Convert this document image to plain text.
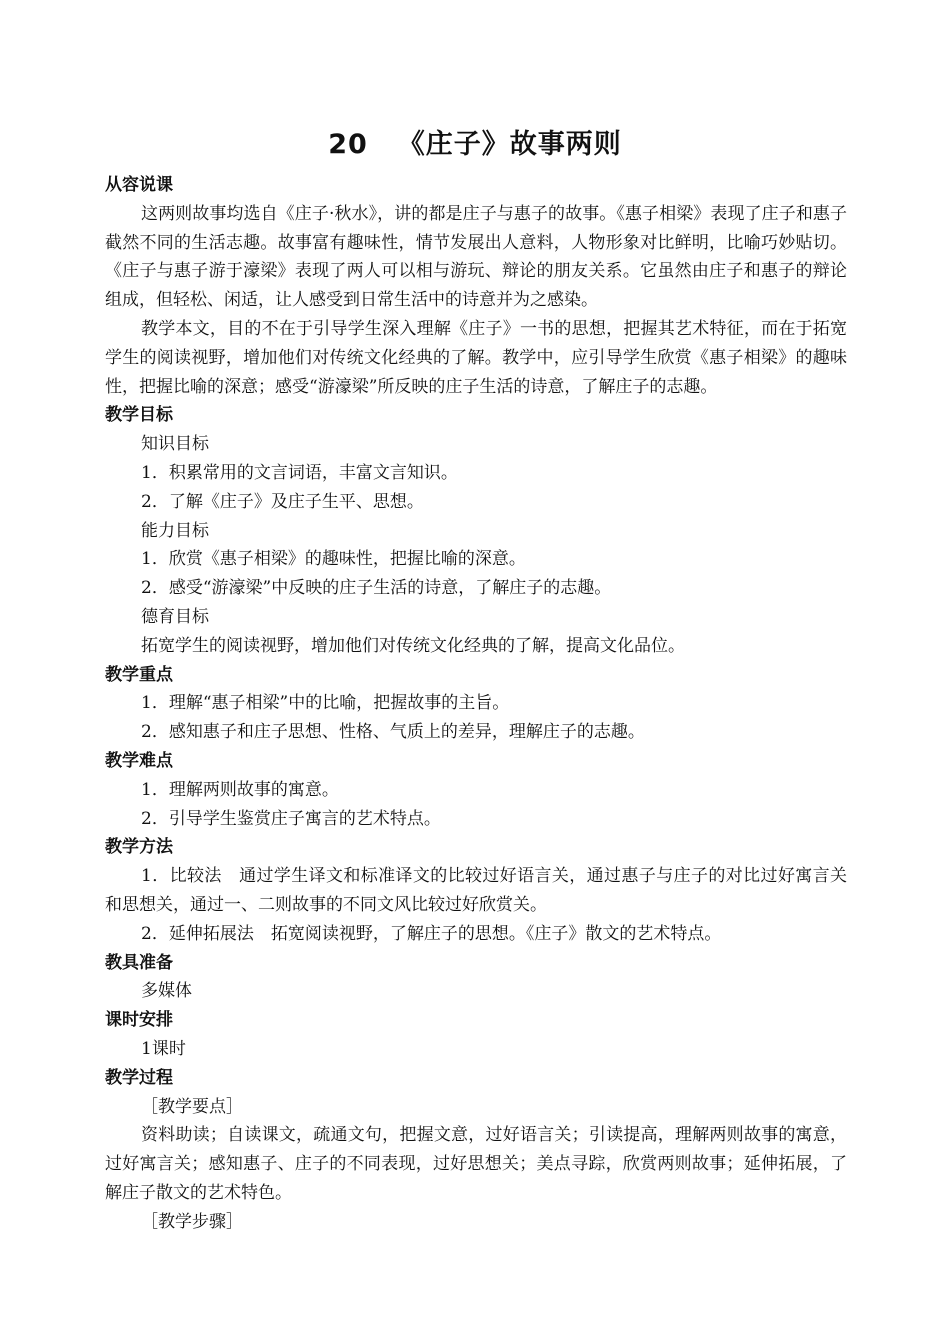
20 《庄子》故事两则

从容说课

这两则故事均选自《庄子·秋水》，讲的都是庄子与惠子的故事。《惠子相梁》表现了庄子和惠子截然不同的生活志趣。故事富有趣味性，情节发展出人意料，人物形象对比鲜明，比喻巧妙贴切。《庄子与惠子游于濠梁》表现了两人可以相与游玩、辩论的朋友关系。它虽然由庄子和惠子的辩论组成，但轻松、闲适，让人感受到日常生活中的诗意并为之感染。

教学本文，目的不在于引导学生深入理解《庄子》一书的思想，把握其艺术特征，而在于拓宽学生的阅读视野，增加他们对传统文化经典的了解。教学中，应引导学生欣赏《惠子相梁》的趣味性，把握比喻的深意；感受“游濠梁”所反映的庄子生活的诗意，了解庄子的志趣。

教学目标

知识目标

1．积累常用的文言词语，丰富文言知识。

2．了解《庄子》及庄子生平、思想。

能力目标

1．欣赏《惠子相梁》的趣味性，把握比喻的深意。

2．感受“游濠梁”中反映的庄子生活的诗意，了解庄子的志趣。

德育目标

拓宽学生的阅读视野，增加他们对传统文化经典的了解，提高文化品位。

教学重点

1．理解“惠子相梁”中的比喻，把握故事的主旨。

2．感知惠子和庄子思想、性格、气质上的差异，理解庄子的志趣。

教学难点

1．理解两则故事的寓意。

2．引导学生鉴赏庄子寓言的艺术特点。

教学方法

1．比较法　通过学生译文和标准译文的比较过好语言关，通过惠子与庄子的对比过好寓言关和思想关，通过一、二则故事的不同文风比较过好欣赏关。

2．延伸拓展法　拓宽阅读视野，了解庄子的思想。《庄子》散文的艺术特点。

教具准备

多媒体

课时安排

1课时

教学过程

［教学要点］

资料助读；自读课文，疏通文句，把握文意，过好语言关；引读提高，理解两则故事的寓意，过好寓言关；感知惠子、庄子的不同表现，过好思想关；美点寻踪，欣赏两则故事；延伸拓展，了解庄子散文的艺术特色。

［教学步骤］
